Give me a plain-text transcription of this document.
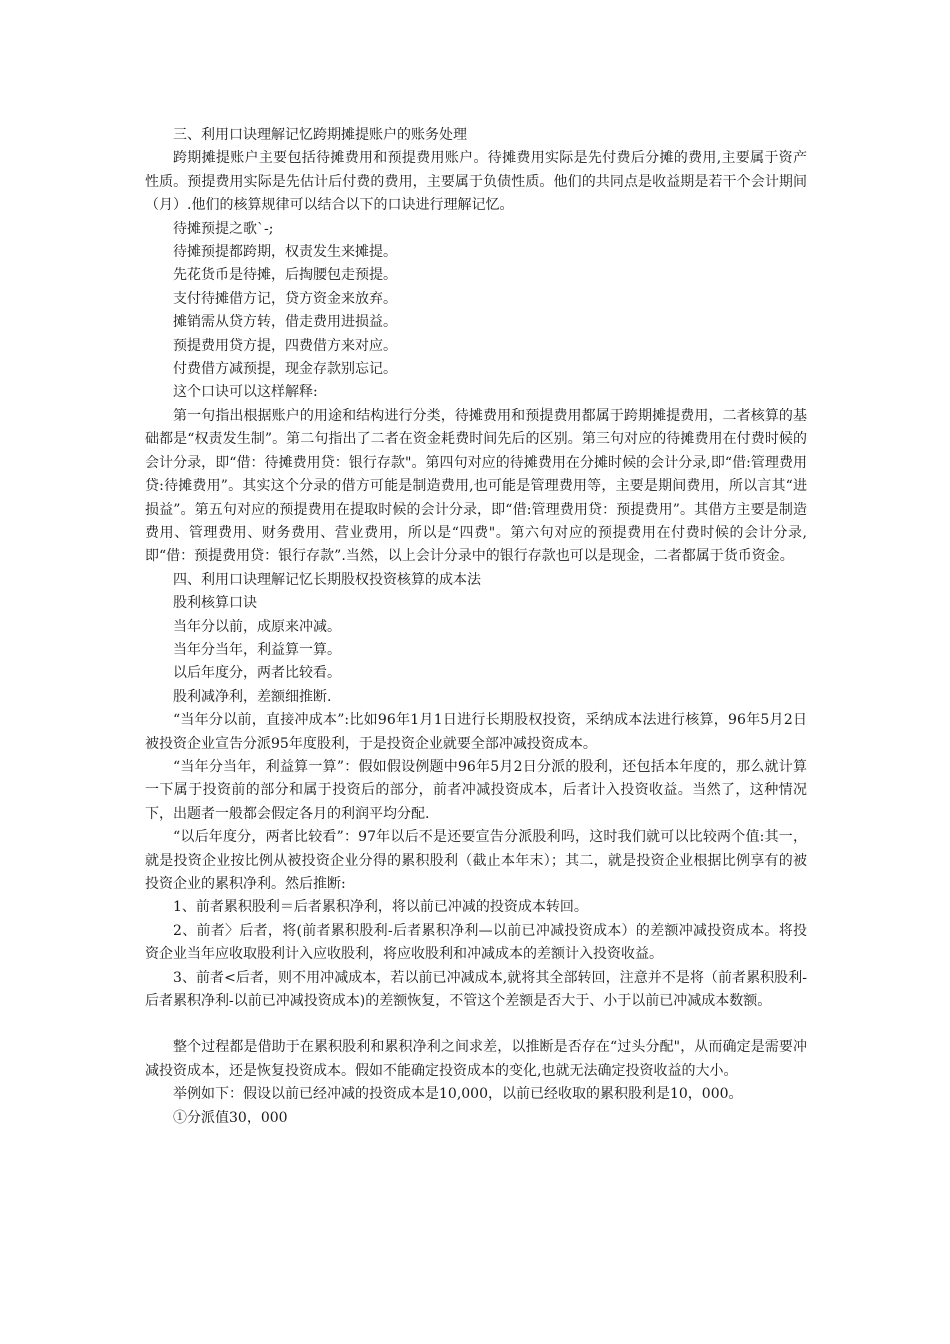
三、利用口诀理解记忆跨期摊提账户的账务处理

跨期摊提账户主要包括待摊费用和预提费用账户。待摊费用实际是先付费后分摊的费用,主要属于资产性质。预提费用实际是先估计后付费的费用，主要属于负债性质。他们的共同点是收益期是若干个会计期间（月）.他们的核算规律可以结合以下的口诀进行理解记忆。

待摊预提之歌`-;

待摊预提都跨期，权责发生来摊提。

先花货币是待摊，后掏腰包走预提。

支付待摊借方记，贷方资金来放弃。

摊销需从贷方转，借走费用进损益。

预提费用贷方提，四费借方来对应。

付费借方减预提，现金存款别忘记。

这个口诀可以这样解释:

第一句指出根据账户的用途和结构进行分类，待摊费用和预提费用都属于跨期摊提费用，二者核算的基础都是“权责发生制”。第二句指出了二者在资金耗费时间先后的区别。第三句对应的待摊费用在付费时候的会计分录，即“借：待摊费用贷：银行存款"。第四句对应的待摊费用在分摊时候的会计分录,即“借:管理费用贷:待摊费用”。其实这个分录的借方可能是制造费用,也可能是管理费用等，主要是期间费用，所以言其“进损益”。第五句对应的预提费用在提取时候的会计分录，即“借:管理费用贷：预提费用”。其借方主要是制造费用、管理费用、财务费用、营业费用，所以是“四费"。第六句对应的预提费用在付费时候的会计分录,即“借：预提费用贷：银行存款”.当然，以上会计分录中的银行存款也可以是现金，二者都属于货币资金。

四、利用口诀理解记忆长期股权投资核算的成本法

股利核算口诀

当年分以前，成原来冲减。

当年分当年，利益算一算。

以后年度分，两者比较看。

股利减净利，差额细推断.

“当年分以前，直接冲成本”:比如96年1月1日进行长期股权投资，采纳成本法进行核算，96年5月2日被投资企业宣告分派95年度股利，于是投资企业就要全部冲减投资成本。

“当年分当年，利益算一算”：假如假设例题中96年5月2日分派的股利，还包括本年度的，那么就计算一下属于投资前的部分和属于投资后的部分，前者冲减投资成本，后者计入投资收益。当然了，这种情况下，出题者一般都会假定各月的利润平均分配.

“以后年度分，两者比较看”：97年以后不是还要宣告分派股利吗，这时我们就可以比较两个值:其一，就是投资企业按比例从被投资企业分得的累积股利（截止本年末）；其二，就是投资企业根据比例享有的被投资企业的累积净利。然后推断:

1、前者累积股利＝后者累积净利，将以前已冲减的投资成本转回。

2、前者〉后者，将(前者累积股利-后者累积净利—以前已冲减投资成本）的差额冲减投资成本。将投资企业当年应收取股利计入应收股利，将应收股利和冲减成本的差额计入投资收益。

3、前者<后者，则不用冲减成本，若以前已冲减成本,就将其全部转回，注意并不是将（前者累积股利-后者累积净利-以前已冲减投资成本)的差额恢复，不管这个差额是否大于、小于以前已冲减成本数额。

整个过程都是借助于在累积股利和累积净利之间求差，以推断是否存在“过头分配"，从而确定是需要冲减投资成本，还是恢复投资成本。假如不能确定投资成本的变化,也就无法确定投资收益的大小。

举例如下：假设以前已经冲减的投资成本是10,000，以前已经收取的累积股利是10，000。

①分派值30，000
